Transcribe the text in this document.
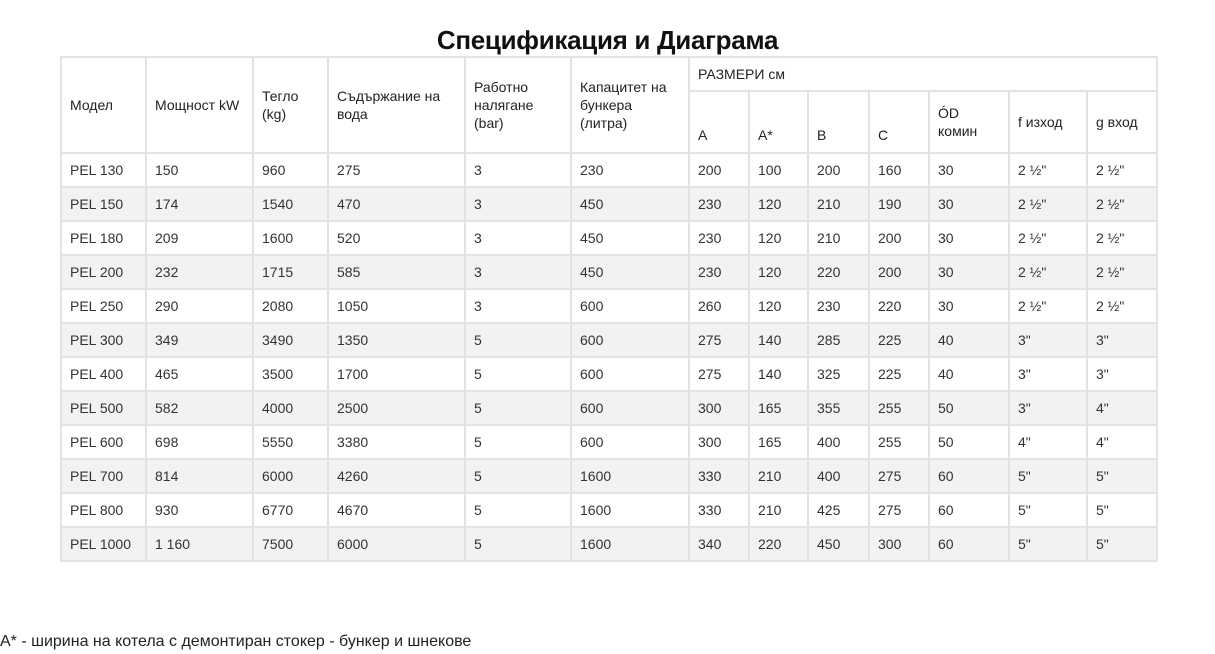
Спецификация и Диаграма
Модел	Мощност kW	Тегло (kg)	Съдържание на вода	Работно налягане (bar)	Капацитет на бункера (литра)	РАЗМЕРИ см						
						A	A*	B	C	ÓD комин	f изход	g вход
PEL 130	150	960	275	3	230	200	100	200	160	30	2 ½"	2 ½"
PEL 150	174	1540	470	3	450	230	120	210	190	30	2 ½"	2 ½"
PEL 180	209	1600	520	3	450	230	120	210	200	30	2 ½"	2 ½"
PEL 200	232	1715	585	3	450	230	120	220	200	30	2 ½"	2 ½"
PEL 250	290	2080	1050	3	600	260	120	230	220	30	2 ½"	2 ½"
PEL 300	349	3490	1350	5	600	275	140	285	225	40	3"	3"
PEL 400	465	3500	1700	5	600	275	140	325	225	40	3"	3"
PEL 500	582	4000	2500	5	600	300	165	355	255	50	3"	4"
PEL 600	698	5550	3380	5	600	300	165	400	255	50	4"	4"
PEL 700	814	6000	4260	5	1600	330	210	400	275	60	5"	5"
PEL 800	930	6770	4670	5	1600	330	210	425	275	60	5"	5"
PEL 1000	1 160	7500	6000	5	1600	340	220	450	300	60	5"	5"
A* - ширина на котела с демонтиран стокер - бункер и шнекове
